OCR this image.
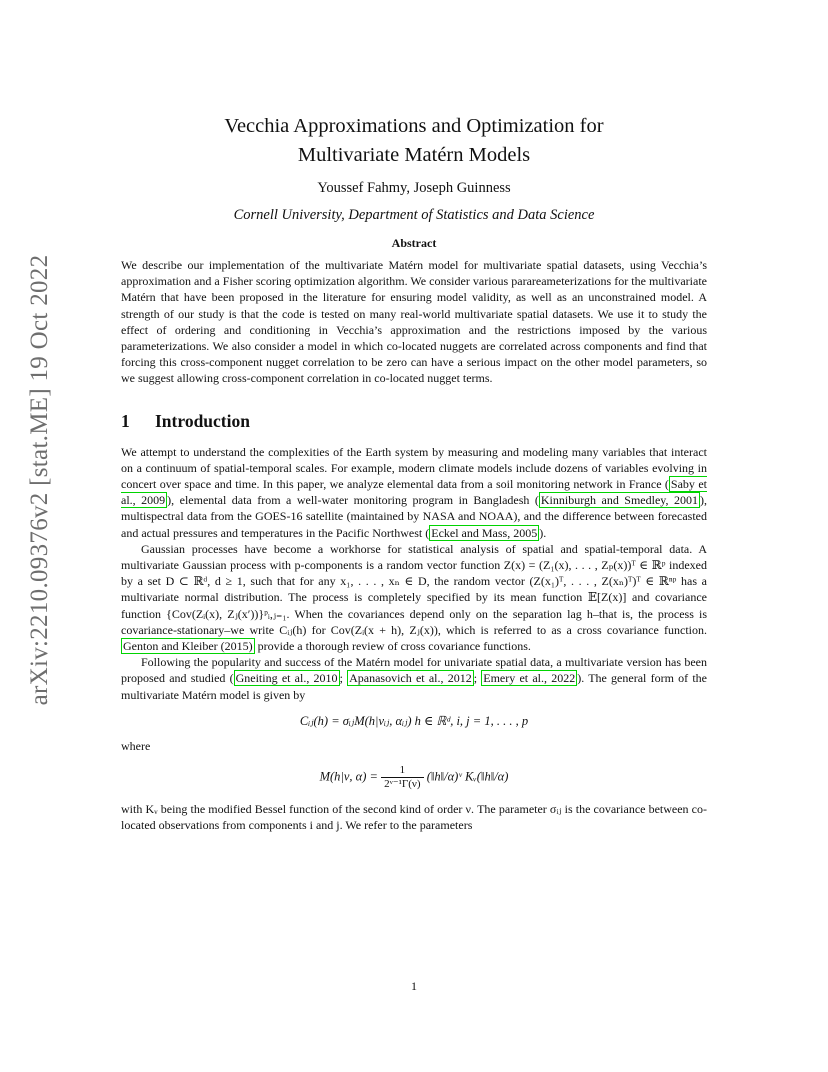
arXiv:2210.09376v2 [stat.ME] 19 Oct 2022
Vecchia Approximations and Optimization for
Multivariate Matérn Models
Youssef Fahmy, Joseph Guinness
Cornell University, Department of Statistics and Data Science
Abstract

We describe our implementation of the multivariate Matérn model for multivariate spatial datasets, using Vecchia’s approximation and a Fisher scoring optimization algorithm. We consider various parareameterizations for the multivariate Matérn that have been proposed in the literature for ensuring model validity, as well as an unconstrained model. A strength of our study is that the code is tested on many real-world multivariate spatial datasets. We use it to study the effect of ordering and conditioning in Vecchia’s approximation and the restrictions imposed by the various parameterizations. We also consider a model in which co-located nuggets are correlated across components and find that forcing this cross-component nugget correlation to be zero can have a serious impact on the other model parameters, so we suggest allowing cross-component correlation in co-located nugget terms.

1 Introduction

We attempt to understand the complexities of the Earth system by measuring and modeling many variables that interact on a continuum of spatial-temporal scales. For example, modern climate models include dozens of variables evolving in concert over space and time. In this paper, we analyze elemental data from a soil monitoring network in France ( Saby et al., 2009 ), elemental data from a well-water monitoring program in Bangladesh ( Kinniburgh and Smedley, 2001 ), multispectral data from the GOES-16 satellite (maintained by NASA and NOAA), and the difference between forecasted and actual pressures and temperatures in the Pacific Northwest ( Eckel and Mass, 2005 ).

Gaussian processes have become a workhorse for statistical analysis of spatial and spatial-temporal data. A multivariate Gaussian process with p-components is a random vector function Z(x) = (Z₁(x), . . . , Zₚ(x))ᵀ ∈ ℝᵖ indexed by a set D ⊂ ℝᵈ, d ≥ 1, such that for any x₁, . . . , xₙ ∈ D, the random vector (Z(x₁)ᵀ, . . . , Z(xₙ)ᵀ)ᵀ ∈ ℝⁿᵖ has a multivariate normal distribution. The process is completely specified by its mean function 𝔼[Z(x)] and covariance function {Cov(Zᵢ(x), Zⱼ(x′))}ᵖᵢ,ⱼ₌₁. When the covariances depend only on the separation lag h–that is, the process is covariance-stationary–we write Cᵢⱼ(h) for Cov(Zᵢ(x + h), Zⱼ(x)), which is referred to as a cross covariance function. Genton and Kleiber (2015) provide a thorough review of cross covariance functions.

Following the popularity and success of the Matérn model for univariate spatial data, a multivariate version has been proposed and studied ( Gneiting et al., 2010 ; Apanasovich et al., 2012 ; Emery et al., 2022 ). The general form of the multivariate Matérn model is given by

Cᵢⱼ(h) = σᵢⱼM(h|νᵢⱼ, αᵢⱼ) h ∈ ℝᵈ, i, j = 1, . . . , p
where
M(h|ν, $\alpha) = \frac{1}{\text{2ᵛ⁻¹Γ(ν)}}$ (‖h‖/α)ᵛ Kᵥ(‖h‖/α)

with Kᵥ being the modified Bessel function of the second kind of order ν. The parameter σᵢⱼ is the covariance between co-located observations from components i and j. We refer to the parameters

1
